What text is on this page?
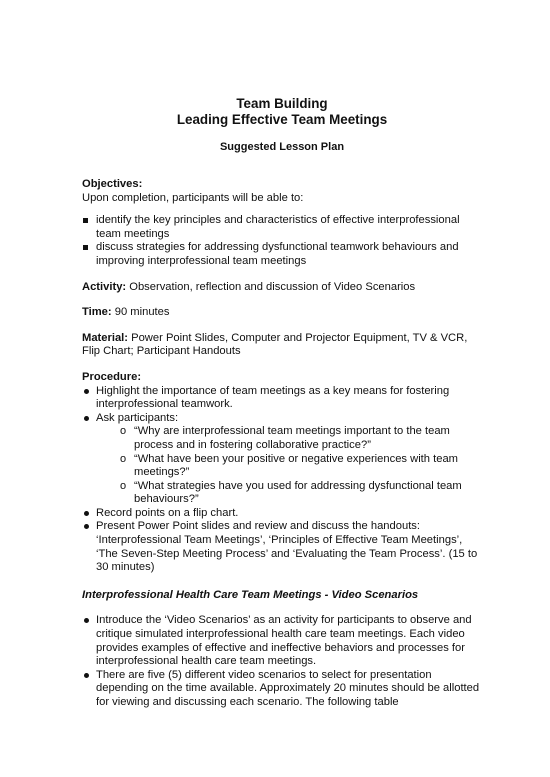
Team Building
Leading Effective Team Meetings
Suggested Lesson Plan

Objectives:

Upon completion, participants will be able to:

identify the key principles and characteristics of effective interprofessional team meetings
discuss strategies for addressing dysfunctional teamwork behaviours and improving interprofessional team meetings

Activity: Observation, reflection and discussion of Video Scenarios

Time: 90 minutes

Material: Power Point Slides, Computer and Projector Equipment, TV & VCR, Flip Chart; Participant Handouts

Procedure:

Highlight the importance of team meetings as a key means for fostering interprofessional teamwork.
Ask participants:
o “Why are interprofessional team meetings important to the team process and in fostering collaborative practice?”
o “What have been your positive or negative experiences with team meetings?”
o “What strategies have you used for addressing dysfunctional team behaviours?”
Record points on a flip chart.
Present Power Point slides and review and discuss the handouts: ‘Interprofessional Team Meetings’, ‘Principles of Effective Team Meetings’, ‘The Seven-Step Meeting Process’ and ‘Evaluating the Team Process’. (15 to 30 minutes)

Interprofessional Health Care Team Meetings - Video Scenarios

Introduce the ‘Video Scenarios’ as an activity for participants to observe and critique simulated interprofessional health care team meetings. Each video provides examples of effective and ineffective behaviors and processes for interprofessional health care team meetings.
There are five (5) different video scenarios to select for presentation depending on the time available. Approximately 20 minutes should be allotted for viewing and discussing each scenario. The following table
